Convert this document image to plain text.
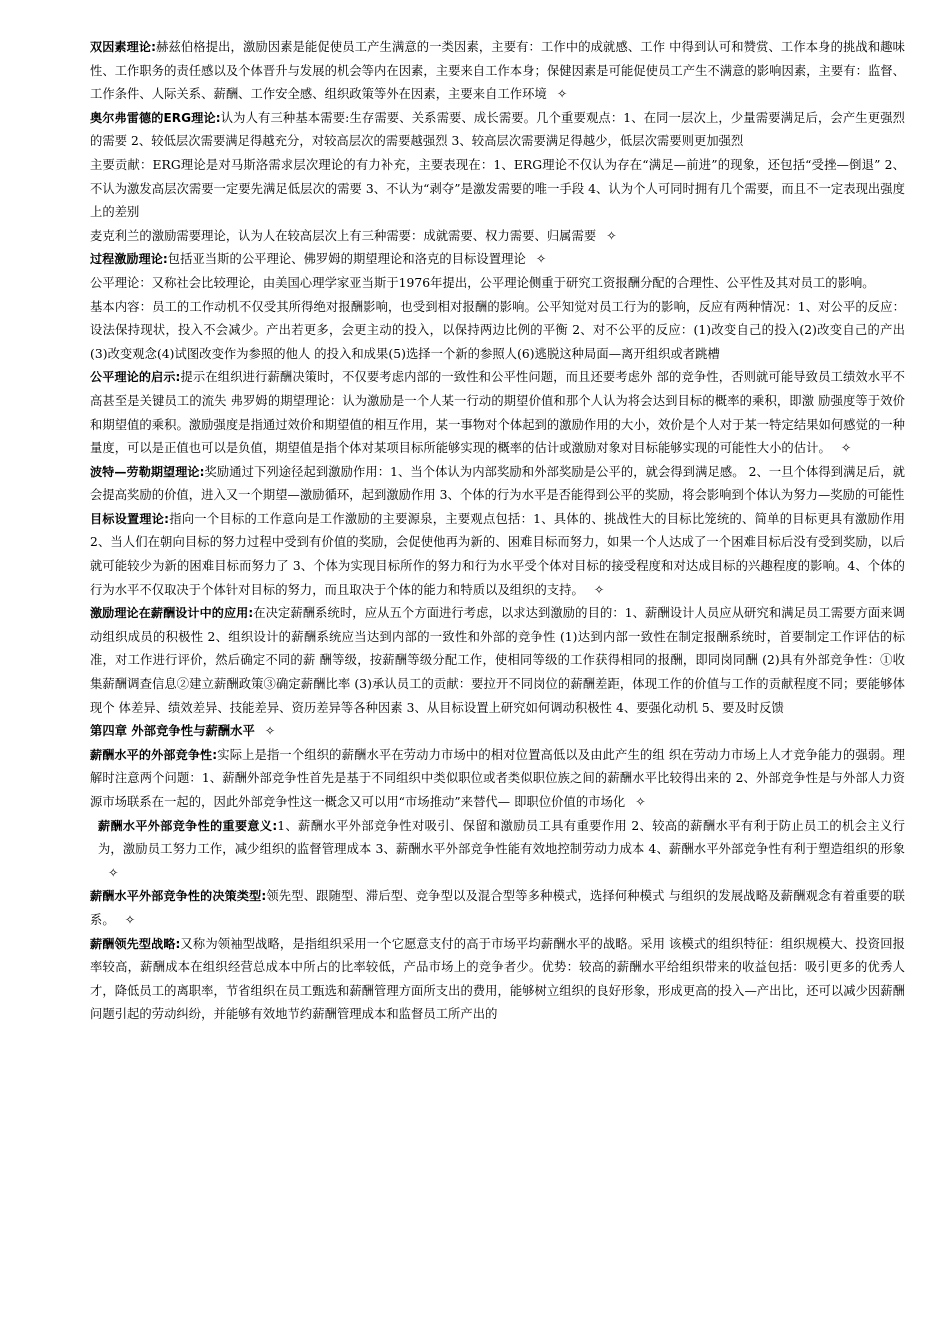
双因素理论:赫兹伯格提出，激励因素是能促使员工产生满意的一类因素，主要有：工作中的成就感、工作 中得到认可和赞赏、工作本身的挑战和趣味性、工作职务的责任感以及个体晋升与发展的机会等内在因素，主要来自工作本身；保健因素是可能促使员工产生不满意的影响因素，主要有：监督、工作条件、人际关系、薪酬、工作安全感、组织政策等外在因素，主要来自工作环境 ✧

奥尔弗雷德的ERG理论:认为人有三种基本需要:生存需要、关系需要、成长需要。几个重要观点：1、在同一层次上，少量需要满足后，会产生更强烈的需要 2、较低层次需要满足得越充分，对较高层次的需要越强烈 3、较高层次需要满足得越少，低层次需要则更加强烈

主要贡献：ERG理论是对马斯洛需求层次理论的有力补充，主要表现在：1、ERG理论不仅认为存在“满足—前进”的现象，还包括“受挫—倒退” 2、不认为激发高层次需要一定要先满足低层次的需要 3、不认为“剥夺”是激发需要的唯一手段 4、认为个人可同时拥有几个需要，而且不一定表现出强度上的差别

麦克利兰的激励需要理论，认为人在较高层次上有三种需要：成就需要、权力需要、归属需要 ✧

过程激励理论:包括亚当斯的公平理论、佛罗姆的期望理论和洛克的目标设置理论 ✧

公平理论：又称社会比较理论，由美国心理学家亚当斯于1976年提出，公平理论侧重于研究工资报酬分配的合理性、公平性及其对员工的影响。

基本内容：员工的工作动机不仅受其所得绝对报酬影响，也受到相对报酬的影响。公平知觉对员工行为的影响，反应有两种情况：1、对公平的反应：设法保持现状，投入不会减少。产出若更多，会更主动的投入，以保持两边比例的平衡 2、对不公平的反应：(1)改变自己的投入(2)改变自己的产出(3)改变观念(4)试图改变作为参照的他人 的投入和成果(5)选择一个新的参照人(6)逃脱这种局面—离开组织或者跳槽

公平理论的启示:提示在组织进行薪酬决策时，不仅要考虑内部的一致性和公平性问题，而且还要考虑外 部的竞争性，否则就可能导致员工绩效水平不高甚至是关键员工的流失 弗罗姆的期望理论：认为激励是一个人某一行动的期望价值和那个人认为将会达到目标的概率的乘积，即激 励强度等于效价和期望值的乘积。激励强度是指通过效价和期望值的相互作用，某一事物对个体起到的激励作用的大小，效价是个人对于某一特定结果如何感觉的一种量度，可以是正值也可以是负值，期望值是指个体对某项目标所能够实现的概率的估计或激励对象对目标能够实现的可能性大小的估计。 ✧

波特—劳勒期望理论:奖励通过下列途径起到激励作用：1、当个体认为内部奖励和外部奖励是公平的，就会得到满足感。 2、一旦个体得到满足后，就会提高奖励的价值，进入又一个期望—激励循环，起到激励作用 3、个体的行为水平是否能得到公平的奖励，将会影响到个体认为努力—奖励的可能性

目标设置理论:指向一个目标的工作意向是工作激励的主要源泉，主要观点包括：1、具体的、挑战性大的目标比笼统的、简单的目标更具有激励作用 2、当人们在朝向目标的努力过程中受到有价值的奖励，会促使他再为新的、困难目标而努力，如果一个人达成了一个困难目标后没有受到奖励，以后就可能较少为新的困难目标而努力了 3、个体为实现目标所作的努力和行为水平受个体对目标的接受程度和对达成目标的兴趣程度的影响。4、个体的行为水平不仅取决于个体针对目标的努力，而且取决于个体的能力和特质以及组织的支持。 ✧

激励理论在薪酬设计中的应用:在决定薪酬系统时，应从五个方面进行考虑，以求达到激励的目的：1、薪酬设计人员应从研究和满足员工需要方面来调动组织成员的积极性 2、组织设计的薪酬系统应当达到内部的一致性和外部的竞争性 (1)达到内部一致性在制定报酬系统时，首要制定工作评估的标准，对工作进行评价，然后确定不同的薪 酬等级，按薪酬等级分配工作，使相同等级的工作获得相同的报酬，即同岗同酬 (2)具有外部竞争性：①收集薪酬调查信息②建立薪酬政策③确定薪酬比率 (3)承认员工的贡献：要拉开不同岗位的薪酬差距，体现工作的价值与工作的贡献程度不同；要能够体现个 体差异、绩效差异、技能差异、资历差异等各种因素 3、从目标设置上研究如何调动积极性 4、要强化动机 5、要及时反馈

第四章 外部竞争性与薪酬水平 ✧

薪酬水平的外部竞争性:实际上是指一个组织的薪酬水平在劳动力市场中的相对位置高低以及由此产生的组 织在劳动力市场上人才竞争能力的强弱。理解时注意两个问题：1、薪酬外部竞争性首先是基于不同组织中类似职位或者类似职位族之间的薪酬水平比较得出来的 2、外部竞争性是与外部人力资源市场联系在一起的，因此外部竞争性这一概念又可以用“市场推动”来替代— 即职位价值的市场化 ✧

薪酬水平外部竞争性的重要意义:1、薪酬水平外部竞争性对吸引、保留和激励员工具有重要作用 2、较高的薪酬水平有利于防止员工的机会主义行为，激励员工努力工作，减少组织的监督管理成本 3、薪酬水平外部竞争性能有效地控制劳动力成本 4、薪酬水平外部竞争性有利于塑造组织的形象✧

薪酬水平外部竞争性的决策类型:领先型、跟随型、滞后型、竞争型以及混合型等多种模式，选择何种模式 与组织的发展战略及薪酬观念有着重要的联系。 ✧

薪酬领先型战略:又称为领袖型战略，是指组织采用一个它愿意支付的高于市场平均薪酬水平的战略。采用 该模式的组织特征：组织规模大、投资回报率较高，薪酬成本在组织经营总成本中所占的比率较低，产品市场上的竞争者少。优势：较高的薪酬水平给组织带来的收益包括：吸引更多的优秀人才，降低员工的离职率，节省组织在员工甄选和薪酬管理方面所支出的费用，能够树立组织的良好形象，形成更高的投入—产出比，还可以减少因薪酬问题引起的劳动纠纷，并能够有效地节约薪酬管理成本和监督员工所产出的
